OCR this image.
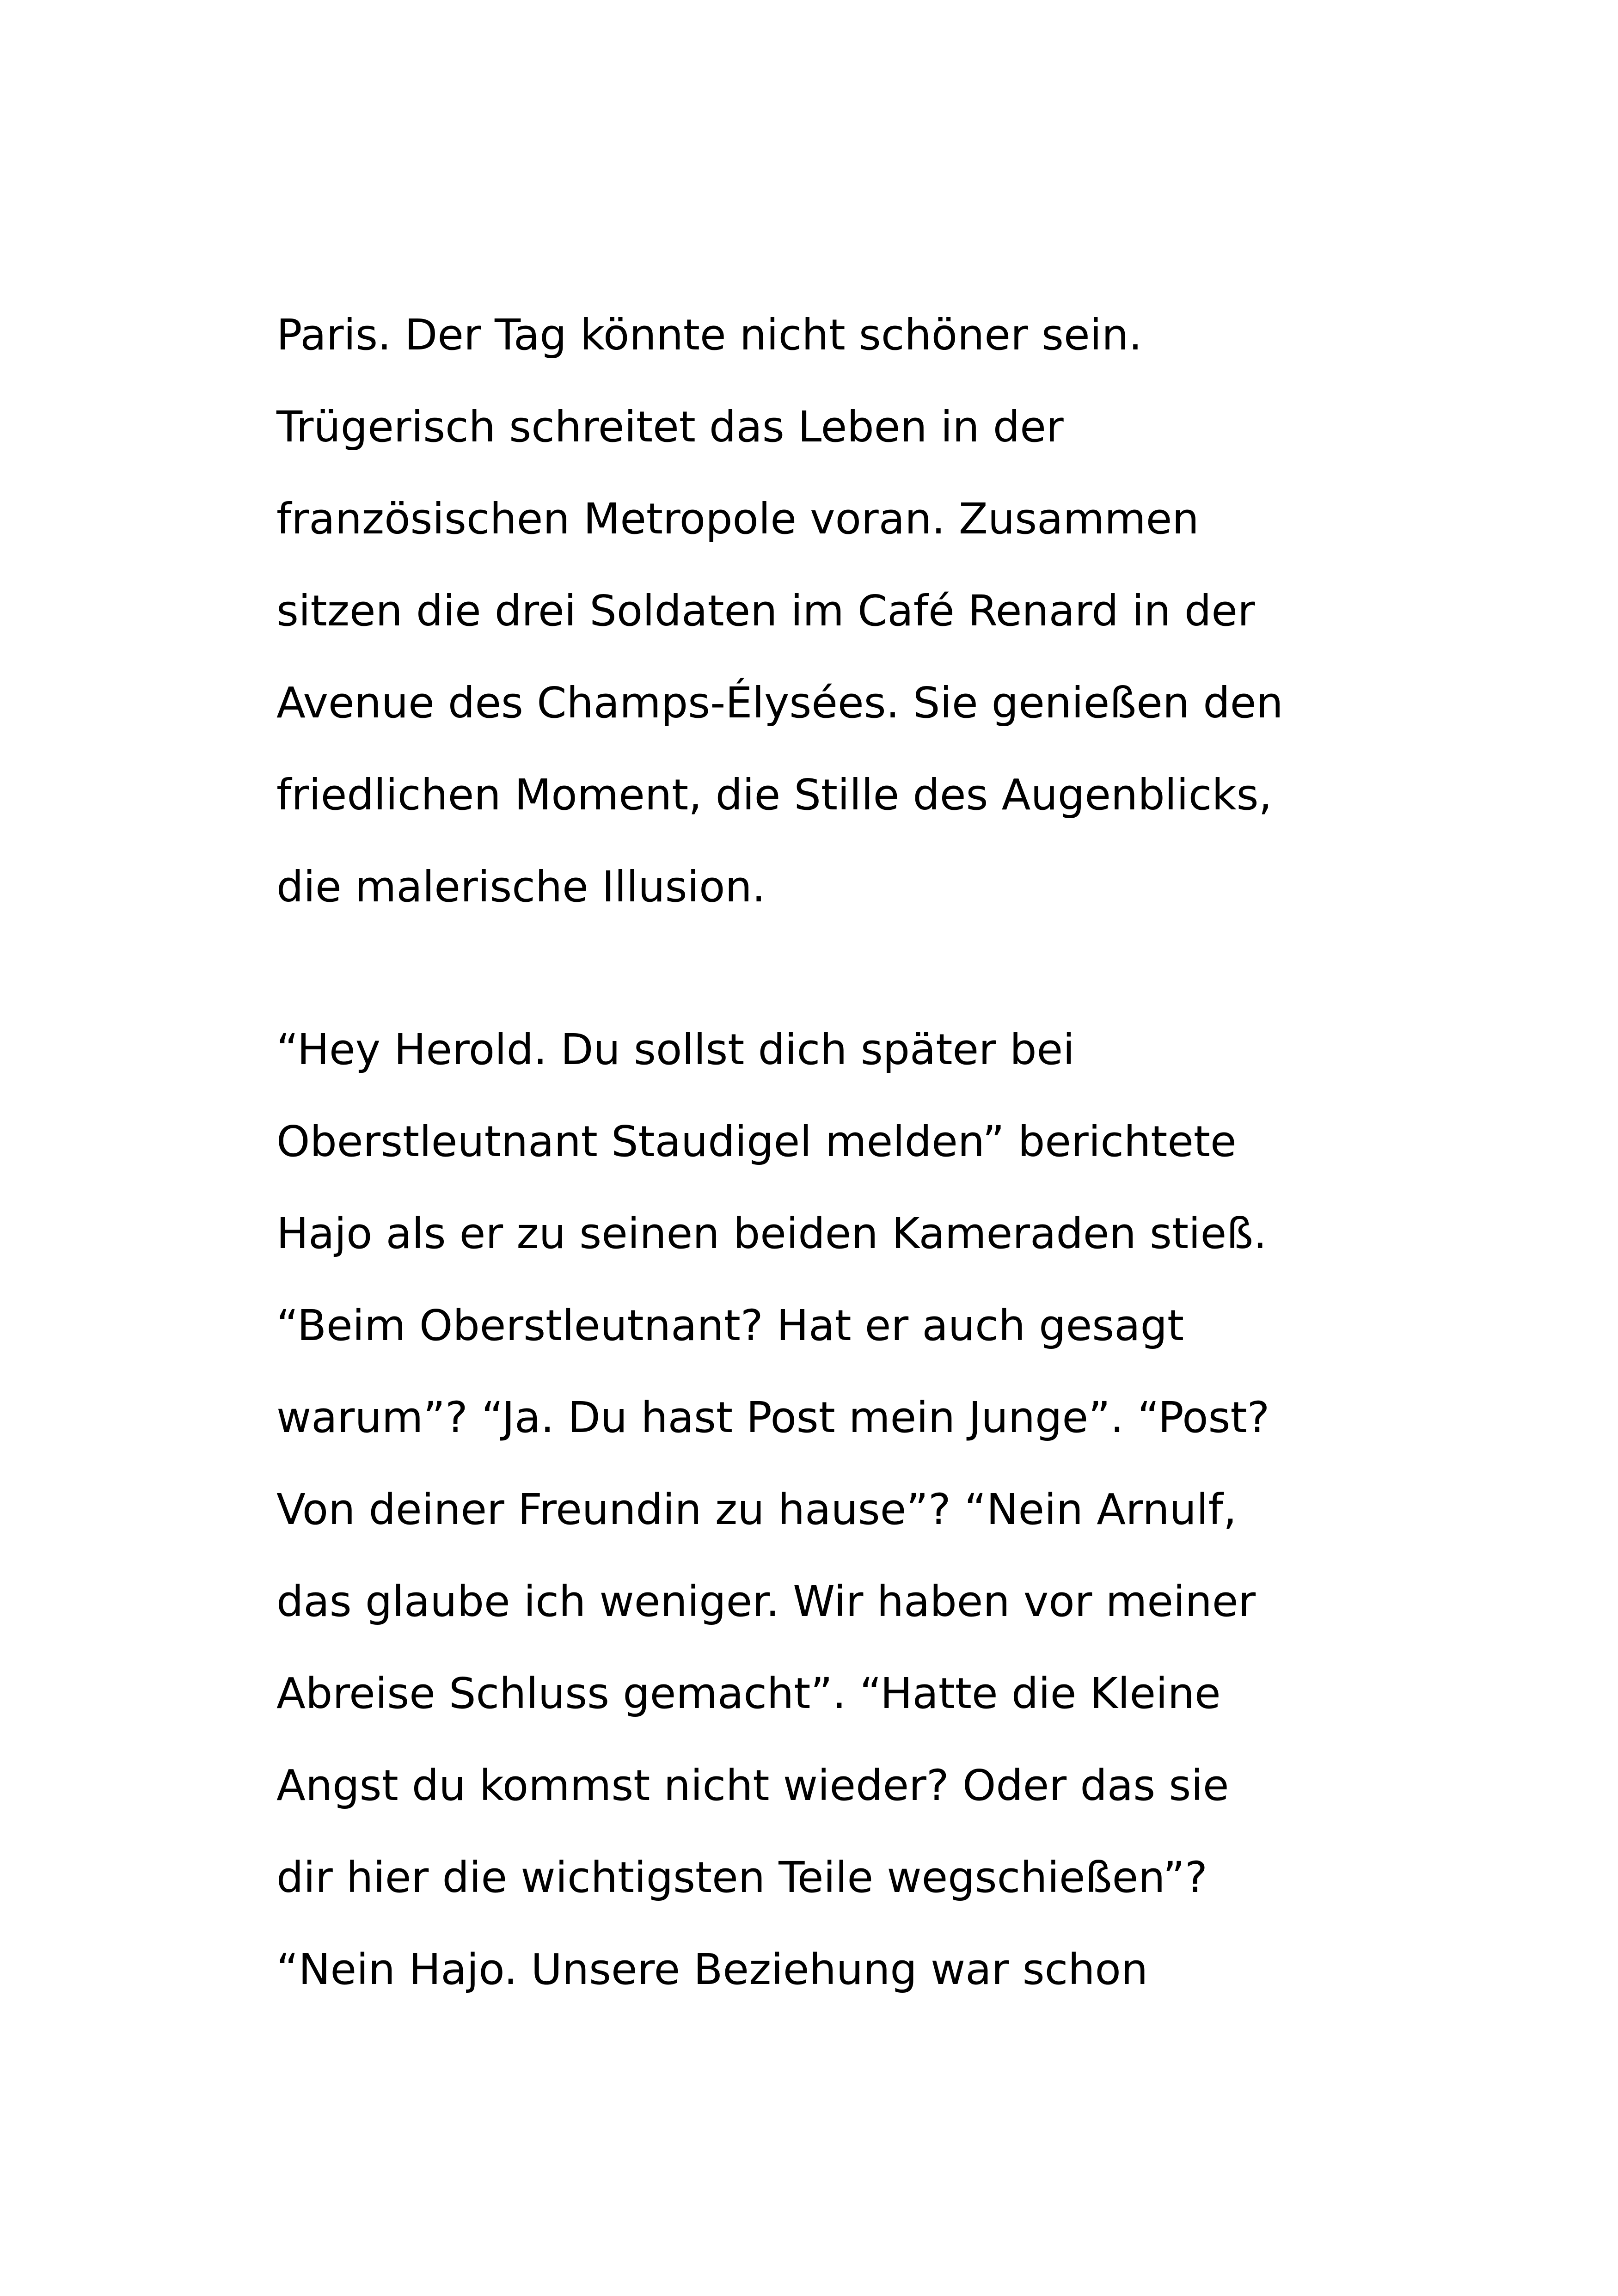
Paris. Der Tag könnte nicht schöner sein.
Trügerisch schreitet das Leben in der
französischen Metropole voran. Zusammen
sitzen die drei Soldaten im Café Renard in der
Avenue des Champs-Élysées. Sie genießen den
friedlichen Moment, die Stille des Augenblicks,
die malerische Illusion.
“Hey Herold. Du sollst dich später bei
Oberstleutnant Staudigel melden” berichtete
Hajo als er zu seinen beiden Kameraden stieß.
“Beim Oberstleutnant? Hat er auch gesagt
warum”? “Ja. Du hast Post mein Junge”. “Post?
Von deiner Freundin zu hause”? “Nein Arnulf,
das glaube ich weniger. Wir haben vor meiner
Abreise Schluss gemacht”. “Hatte die Kleine
Angst du kommst nicht wieder? Oder das sie
dir hier die wichtigsten Teile wegschießen”?
“Nein Hajo. Unsere Beziehung war schon
